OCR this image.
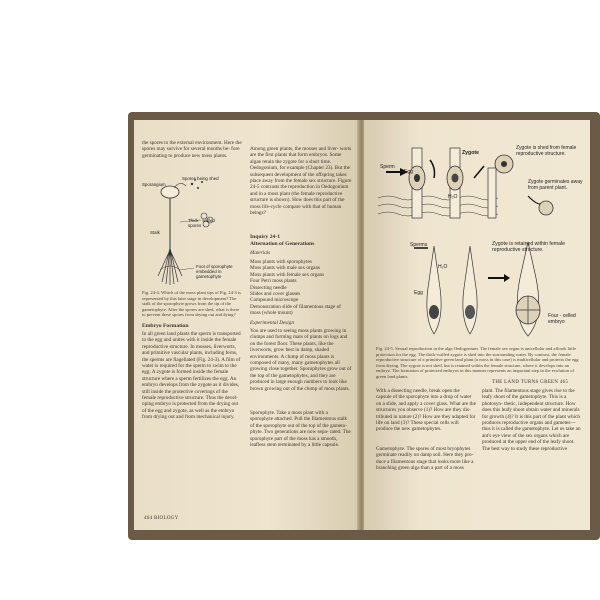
the spores to the external environment. Here the spores may survive for several months be- fore germinating to produce new moss plants.
Sporangium
Spores being shed
Stalk
Thick - walled spores
Foot of sporophyte embedded in gametophyte
Fig. 24-4. Which of the moss plant tips of Fig. 24-3 is represented by this later stage in development? The stalk of the sporophyte grows from the tip of the gametophyte. After the spores are shed, what is there to prevent these spores from drying out and dying?
Embryo Formation
In all green land plants the sperm is transported to the egg and unites with it inside the female reproductive structure. In mosses, liverworts, and primitive vascular plants, including ferns, the sperms are flagellated (Fig. 24-3). A film of water is required for the sperm to swim to the egg. A zygote is formed inside the female structure where a sperm fertilizes the egg. An embryo develops from the zygote as it divides, still inside the protective coverings of the female reproductive structure. Thus the devel- oping embryo is protected from the drying out of the egg and zygote, as well as the embryo from drying out and from mechanical injury.
Among green plants, the mosses and liver- worts are the first plants that form embryos. Some algae retain the zygote for a short time. Oedogonium, for example (Chapter 23). But the subsequent development of the offspring takes place away from the female sex structure. Figure 24-5 contrasts the reproduction in Oedogonium and in a moss plant (the female reproductive structure is shown). How does this part of the moss life-cycle compare with that of human beings?
Inquiry 24-1
Alternation of Generations
Materials
Moss plants with sporophytes
Moss plants with male sex organs
Moss plants with female sex organs
Four Petri moss plants
Dissecting needle
Slides and cover glasses
Compound microscope
Demonstration slide of filamentous stage of moss (whole mount)
Experimental Design
You are used to seeing moss plants growing in clumps and forming mats of plants on logs and on the forest floor. These plants, like the liverworts, grow best in damp, shaded environments. A clump of moss plants is composed of many, many gametophytes all growing close together. Sporophytes grow out of the top of the gametophytes, and they are produced in large enough numbers to look like brown growing out of the clump of moss plants.
Sporophyte. Take a moss plant with a sporophyte attached. Pull the filamentous stalk of the sporophyte out of the top of the gameto- phyte. Two generations are now sepa- rated. The sporophyte part of the moss has a smooth, leafless stem terminated by a little capsule.
464 BIOLOGY
Sperm
Egg
Zygote
Zygote is shed from female reproductive structure.
Zygote germinates away from parent plant.
H₂O
Sperms
H₂O
Egg
Zygote is retained within female reproductive structure.
Four - celled embryo
Fig. 24-5. Sexual reproduction in the alga Oedogonium. The female sex organ is unicellular and affords little protection for the egg. The thick-walled zygote is shed into the surrounding water. By contrast, the female reproductive structure of a primitive green land plant (a moss in this case) is multicellular and protects the egg from drying. The zygote is not shed, but is retained within the female structure, where it develops into an embryo. The formation of protected embryos in this manner represents an important step in the evolution of green land plants.
With a dissecting needle, break open the capsule of the sporophyte into a drop of water on a slide, and apply a cover glass. What are the structures you observe (1)? How are they dis- tributed in nature (2)? How are they adapted for life on land (3)? These special cells will produce the new gametophytes.
Gametophyte. The spores of most bryophytes germinate readily on damp soil. Here they pro- duce a filamentous stage that looks more like a branching green alga than a part of a moss
plant. The filamentous stage gives rise to the leafy shoot of the gametophyte. This is a photosyn- thetic, independent structure. How does this leafy shoot obtain water and minerals for growth (4)? It is this part of the plant which produces reproductive organs and gametes—thus it is called the gametophyte. Let us take an ant's eye view of the sex organs which are produced at the upper end of the leafy shoot. The best way to study these reproductive
THE LAND TURNS GREEN 465
